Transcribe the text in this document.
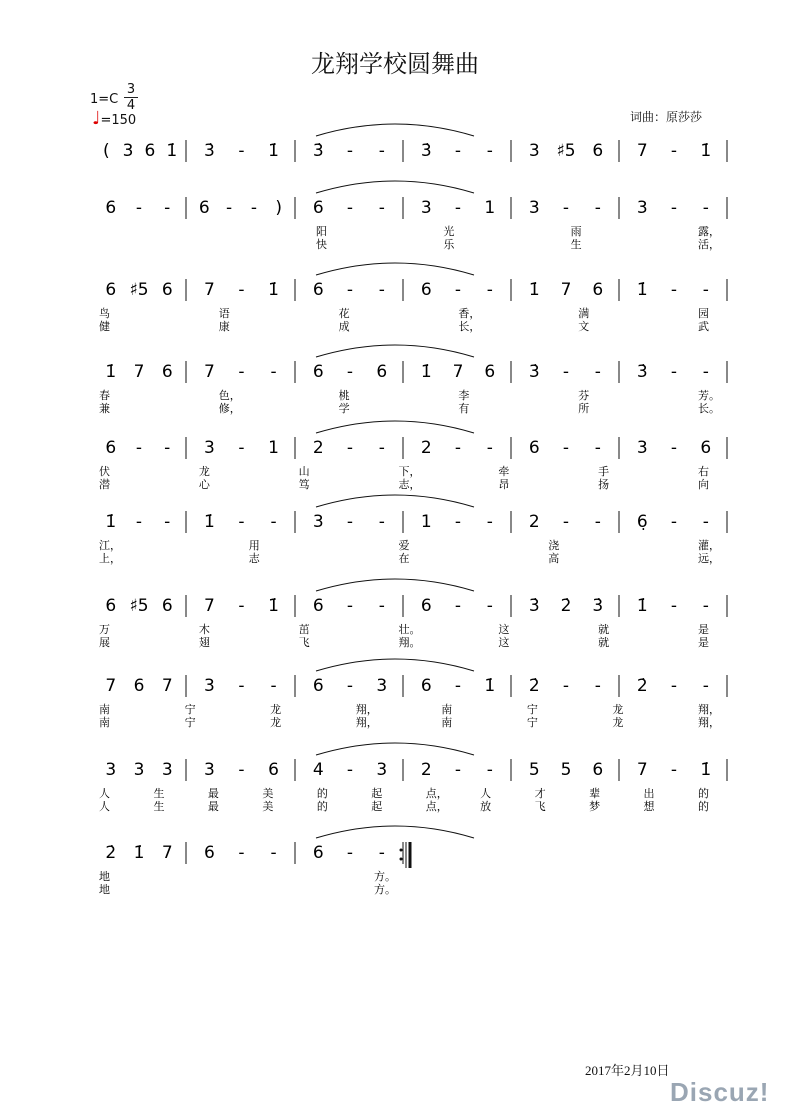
龙翔学校圆舞曲
1=C
3
4
♩=150	词曲：原莎莎
( 3 6 1̇ 3̇ - 1̇ 3̇ - - 3̇ - - 3 ♯5 6 7 - 1̇
6 - - 6 - - ) 6 - - 3 - 1 3 - - 3 - -
阳	光	雨	露，
快	乐	生	活，
6 ♯5 6 7 - 1̇ 6 - - 6 - - 1̇ 7 6 1̇ - -
鸟	语	花	香，	满	园
健	康	成	长，	文	武
1̇ 7 6 7 - - 6 - 6 1̇ 7 6 3̇ - - 3̇ - -
春	色，	桃	李	芬	芳。
兼	修，	学	有	所	长。
6 - - 3 - 1 2 - - 2 - - 6 - - 3 - 6
伏	龙	山	下，	牵	手	右
潜	心	笃	志，	昂	扬	向
1̇ - - 1̇ - - 3 - - 1 - - 2 - - 6̣ - -
江，	用	爱	浇	灌，
上，	志	在	高	远，
6 ♯5 6 7 - 1̇ 6 - - 6 - - 3̇ 2̇ 3̇ 1̇ - -
万	木	茁	壮。	这	就	是
展	翅	飞	翔。	这	就	是
7 6 7 3 - - 6 - 3 6 - 1̇ 2̇ - - 2̇ - -
南	宁	龙	翔，	南	宁	龙	翔，
南	宁	龙	翔，	南	宁	龙	翔，
3 3 3 3 - 6 4 - 3 2 - - 5 5 6 7 - 1̇
人	生	最	美	的	起	点，	人	才	辈	出	的
人	生	最	美	的	起	点，	放	飞	梦	想	的
2̇ 1̇ 7 6 - - 6 - -
地	方。
地	方。
2017年2月10日
Discuz!
